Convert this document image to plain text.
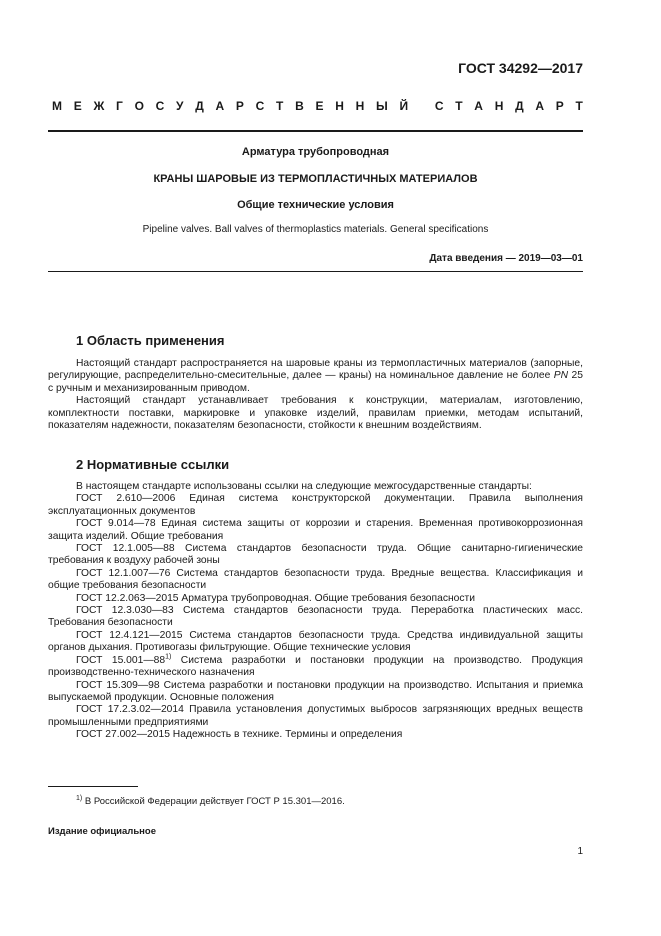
ГОСТ 34292—2017
М Е Ж Г О С У Д А Р С Т В Е Н Н Ы Й
С Т А Н Д А Р Т
Арматура трубопроводная
КРАНЫ ШАРОВЫЕ ИЗ ТЕРМОПЛАСТИЧНЫХ МАТЕРИАЛОВ
Общие технические условия
Pipeline valves. Ball valves of thermoplastics materials. General specifications
Дата введения — 2019—03—01
1 Область применения

Настоящий стандарт распространяется на шаровые краны из термопластичных материалов (запорные, регулирующие, распределительно-смесительные, далее — краны) на номинальное давление не более PN 25 с ручным и механизированным приводом.

Настоящий стандарт устанавливает требования к конструкции, материалам, изготовлению, комплектности поставки, маркировке и упаковке изделий, правилам приемки, методам испытаний, показателям надежности, показателям безопасности, стойкости к внешним воздействиям.

2 Нормативные ссылки

В настоящем стандарте использованы ссылки на следующие межгосударственные стандарты:

ГОСТ 2.610—2006 Единая система конструкторской документации. Правила выполнения эксплуатационных документов

ГОСТ 9.014—78 Единая система защиты от коррозии и старения. Временная противокоррозионная защита изделий. Общие требования

ГОСТ 12.1.005—88 Система стандартов безопасности труда. Общие санитарно-гигиенические требования к воздуху рабочей зоны

ГОСТ 12.1.007—76 Система стандартов безопасности труда. Вредные вещества. Классификация и общие требования безопасности

ГОСТ 12.2.063—2015 Арматура трубопроводная. Общие требования безопасности

ГОСТ 12.3.030—83 Система стандартов безопасности труда. Переработка пластических масс. Требования безопасности

ГОСТ 12.4.121—2015 Система стандартов безопасности труда. Средства индивидуальной защиты органов дыхания. Противогазы фильтрующие. Общие технические условия

ГОСТ 15.001—88$^{1)}$ Система разработки и постановки продукции на производство. Продукция производственно-технического назначения

ГОСТ 15.309—98 Система разработки и постановки продукции на производство. Испытания и приемка выпускаемой продукции. Основные положения

ГОСТ 17.2.3.02—2014 Правила установления допустимых выбросов загрязняющих вредных веществ промышленными предприятиями

ГОСТ 27.002—2015 Надежность в технике. Термины и определения

$^{1)}$ В Российской Федерации действует ГОСТ Р 15.301—2016.
Издание официальное
1
